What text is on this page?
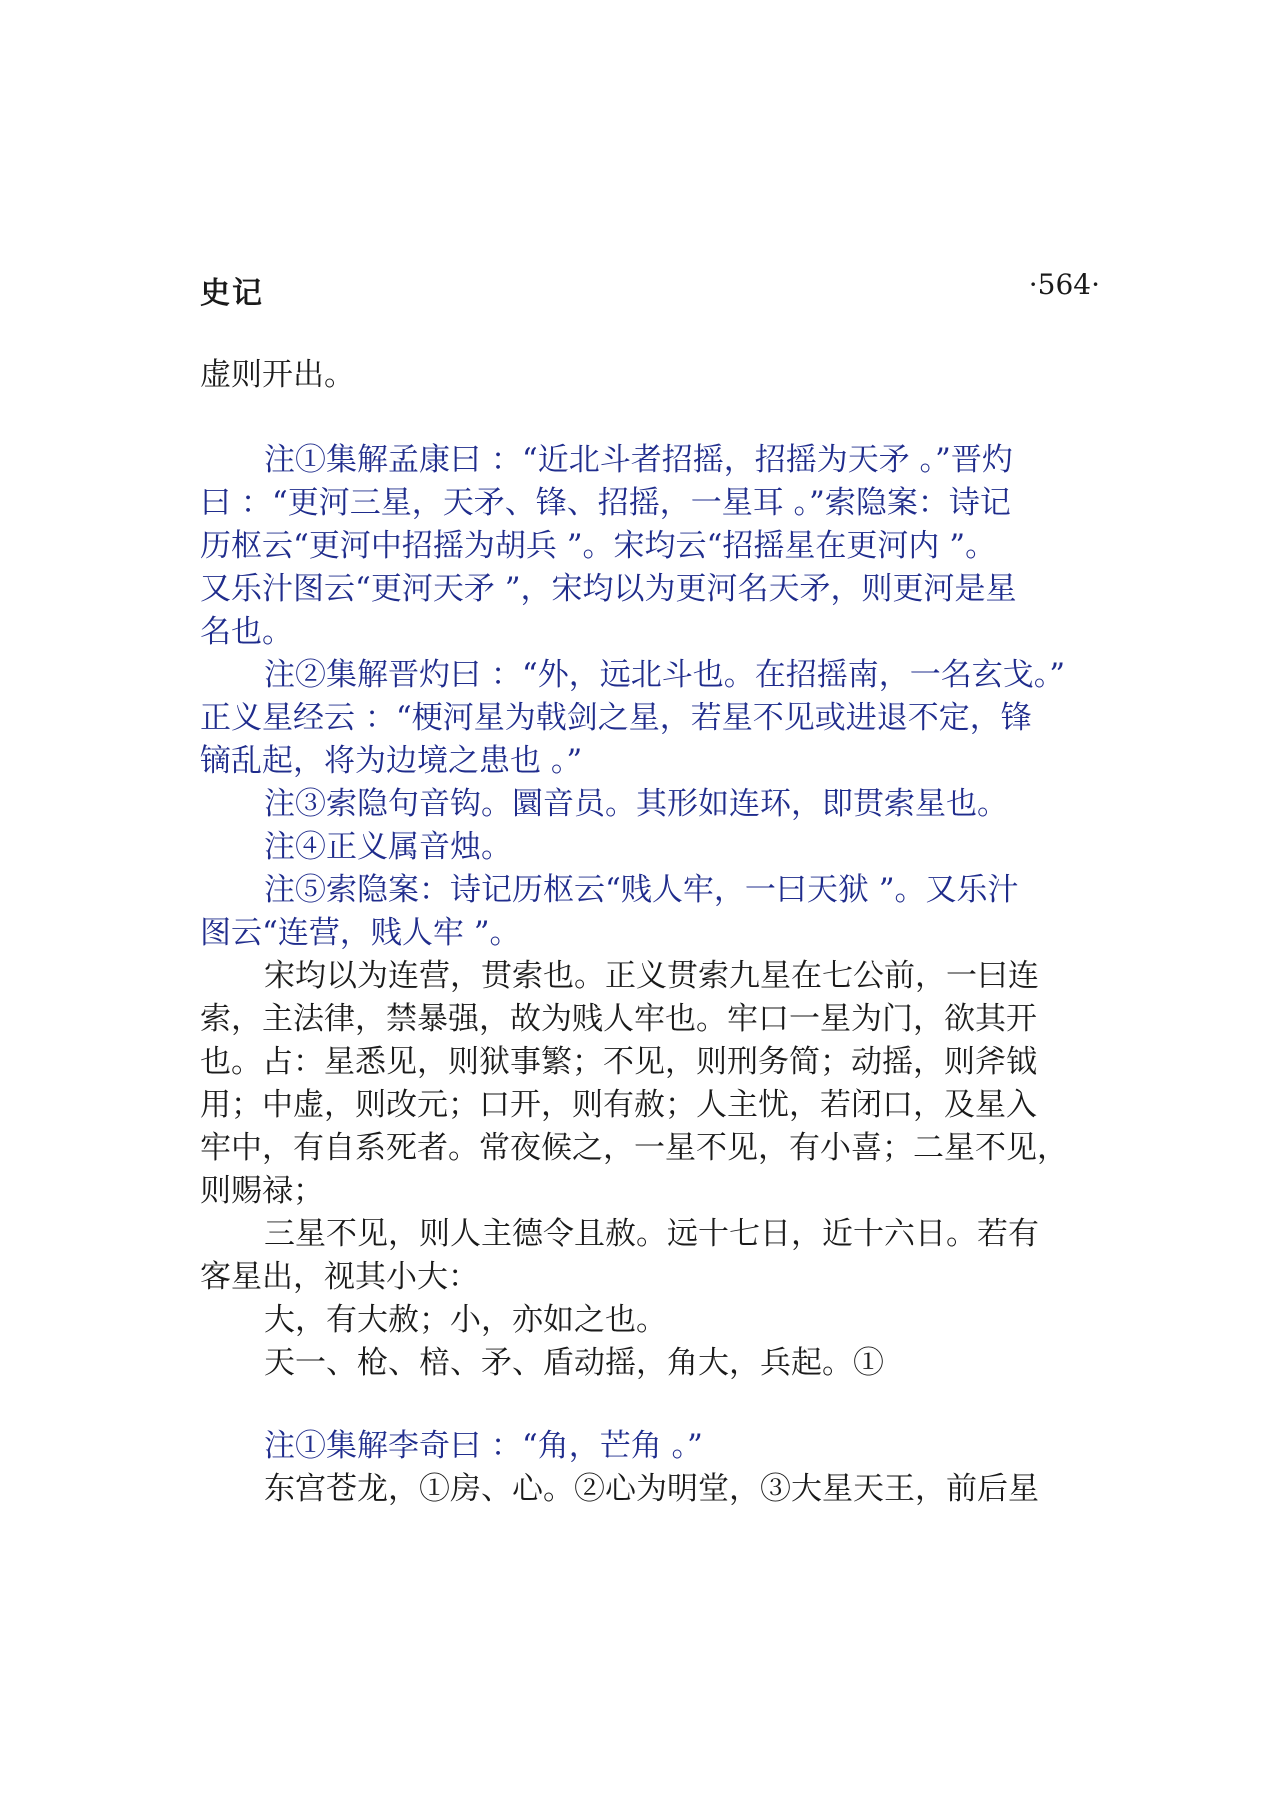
史记	·564·
虚则开出。
注①集解孟康曰 ：“近北斗者招摇，招摇为天矛 。”晋灼
曰 ：“更河三星，天矛、锋、招摇，一星耳 。”索隐案：诗记
历枢云“更河中招摇为胡兵 ”。宋均云“招摇星在更河内 ”。
又乐汁图云“更河天矛 ”，宋均以为更河名天矛，则更河是星
名也。
注②集解晋灼曰 ：“外，远北斗也。在招摇南，一名玄戈。”
正义星经云 ：“梗河星为戟剑之星，若星不见或进退不定，锋
镝乱起，将为边境之患也 。”
注③索隐句音钩。圜音员。其形如连环，即贯索星也。
注④正义属音烛。
注⑤索隐案：诗记历枢云“贱人牢，一曰天狱 ”。又乐汁
图云“连营，贱人牢 ”。
宋均以为连营，贯索也。正义贯索九星在七公前，一曰连
索，主法律，禁暴强，故为贱人牢也。牢口一星为门，欲其开
也。占：星悉见，则狱事繁；不见，则刑务简；动摇，则斧钺
用；中虚，则改元；口开，则有赦；人主忧，若闭口，及星入
牢中，有自系死者。常夜候之，一星不见，有小喜；二星不见，
则赐禄；
三星不见，则人主德令且赦。远十七日，近十六日。若有
客星出，视其小大：
大，有大赦；小，亦如之也。
天一、枪、棓、矛、盾动摇，角大，兵起。①
注①集解李奇曰 ：“角，芒角 。”
东宫苍龙，①房、心。②心为明堂，③大星天王，前后星
